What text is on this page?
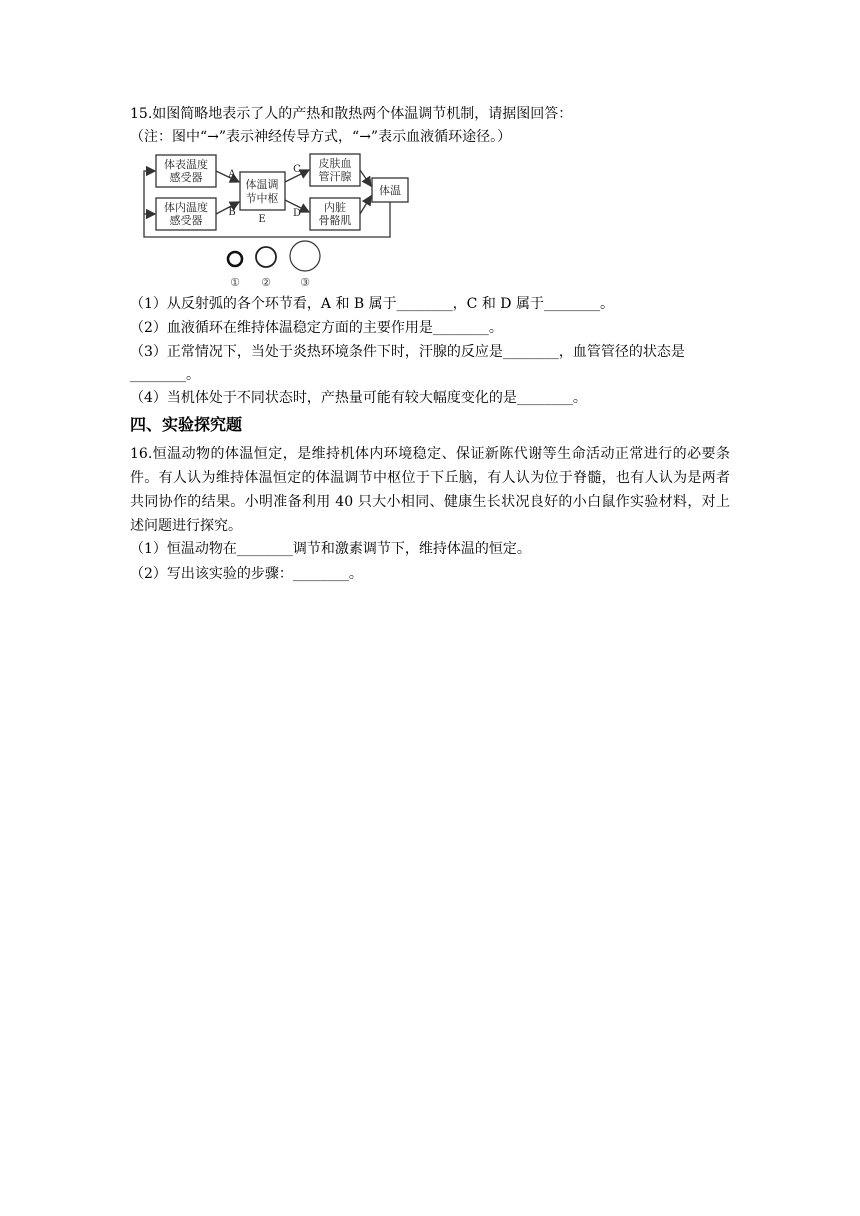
15.如图简略地表示了人的产热和散热两个体温调节机制，请据图回答：
（注：图中“→”表示神经传导方式，“→”表示血液循环途径。）
体表温度
感受器
体内温度
感受器
体温调
节中枢
皮肤血
管汗腺
内脏
骨骼肌
体温
A
B
C
D
E
① ②	③
（1）从反射弧的各个环节看，A 和 B 属于________，C 和 D 属于________。
（2）血液循环在维持体温稳定方面的主要作用是________。
（3）正常情况下，当处于炎热环境条件下时，汗腺的反应是________，血管管径的状态是
________。
（4）当机体处于不同状态时，产热量可能有较大幅度变化的是________。
四、实验探究题
16.恒温动物的体温恒定，是维持机体内环境稳定、保证新陈代谢等生命活动正常进行的必要条件。有人认为维持体温恒定的体温调节中枢位于下丘脑，有人认为位于脊髓，也有人认为是两者共同协作的结果。小明准备利用 40 只大小相同、健康生长状况良好的小白鼠作实验材料，对上述问题进行探究。
（1）恒温动物在________调节和激素调节下，维持体温的恒定。
（2）写出该实验的步骤：________。
